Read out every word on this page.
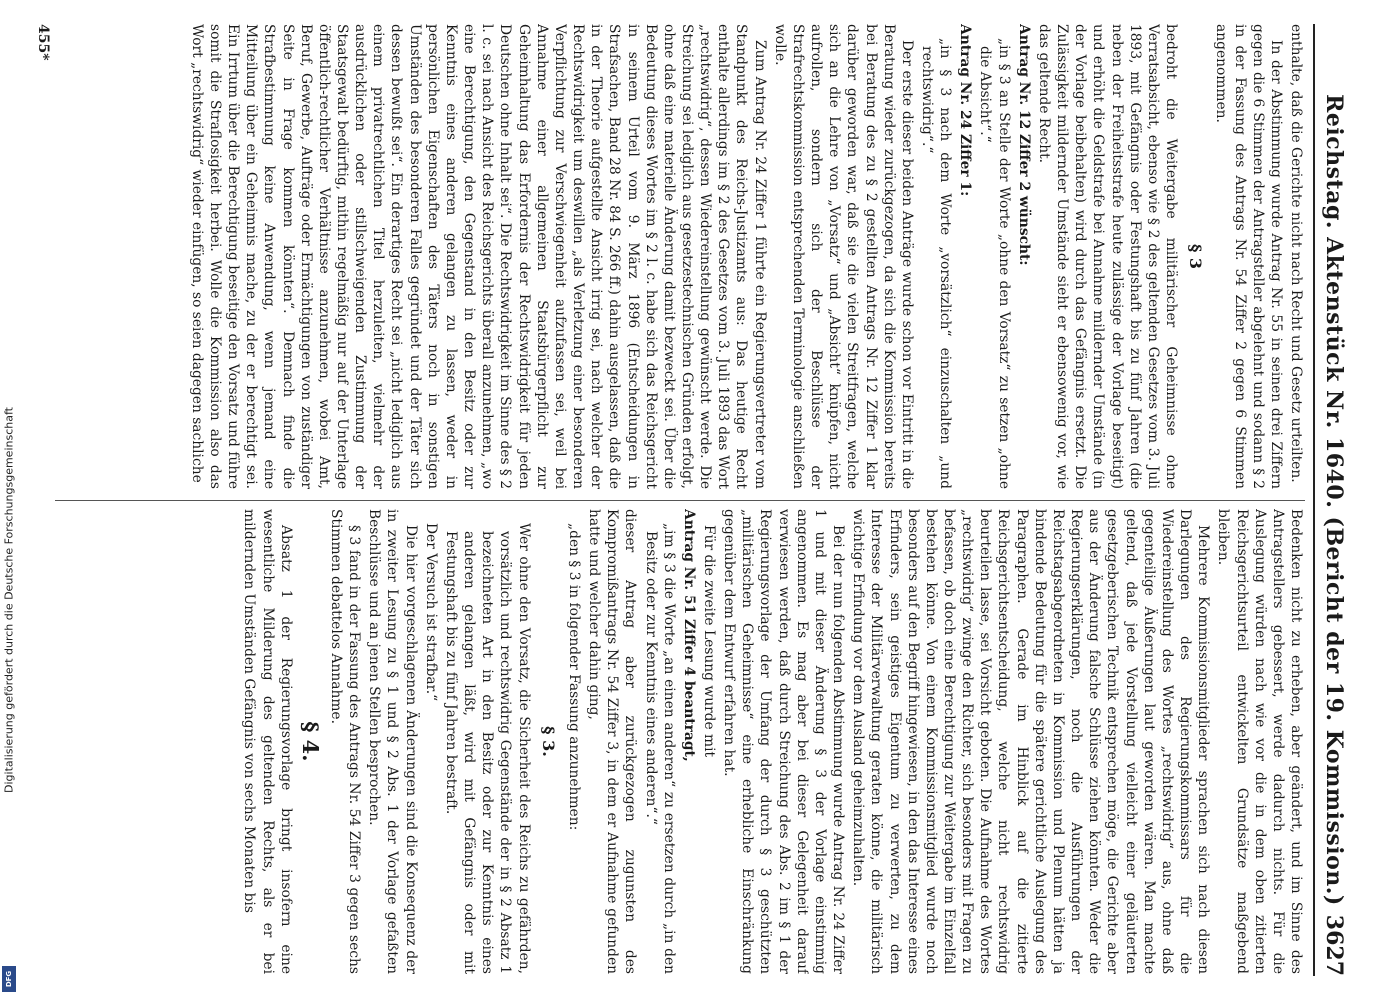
Digitalisierung gefördert durch die Deutsche Forschungsgemeinschaft
DFG
Reichstag. Aktenstück Nr. 1640. (Bericht der 19. Kommission.)
3627

enthalte, daß die Gerichte nicht nach Recht und Gesetz urteilten.

In der Abstimmung wurde Antrag Nr. 55 in seinen drei Ziffern gegen die 6 Stimmen der Antragsteller abgelehnt und sodann § 2 in der Fassung des Antrags Nr. 54 Ziffer 2 gegen 6 Stimmen angenommen.

§ 3

bedroht die Weitergabe militärischer Geheimnisse ohne Verratsabsicht, ebenso wie § 2 des geltenden Gesetzes vom 3. Juli 1893, mit Gefängnis oder Festungshaft bis zu fünf Jahren (die neben der Freiheitsstrafe heute zulässige der Vorlage beseitigt) und erhöht die Geldstrafe bei Annahme mildernder Umstände (in der Vorlage beibehalten) wird durch das Gefängnis ersetzt. Die Zulässigkeit mildernder Umstände sieht er ebensowenig vor, wie das geltende Recht.

Antrag Nr. 12 Ziffer 2 wünscht:

„in § 3 an Stelle der Worte „ohne den Vorsatz“ zu setzen „ohne die Absicht“.“

Antrag Nr. 24 Ziffer 1:

„in § 3 nach dem Worte „vorsätzlich“ einzuschalten „und rechtswidrig“.“

Der erste dieser beiden Anträge wurde schon vor Eintritt in die Beratung wieder zurückgezogen, da sich die Kommission bereits bei Beratung des zu § 2 gestellten Antrags Nr. 12 Ziffer 1 klar darüber geworden war, daß sie die vielen Streitfragen, welche sich an die Lehre von „Vorsatz“ und „Absicht“ knüpfen, nicht aufrollen, sondern sich der Beschlüsse der Strafrechtskommission entsprechenden Terminologie anschließen wolle.

Zum Antrag Nr. 24 Ziffer 1 führte ein Regierungsvertreter vom Standpunkt des Reichs-Justizamts aus: Das heutige Recht enthalte allerdings im § 2 des Gesetzes vom 3. Juli 1893 das Wort „rechtswidrig“, dessen Wiedereinstellung gewünscht werde. Die Streichung sei lediglich aus gesetzestechnischen Gründen erfolgt, ohne daß eine materielle Änderung damit bezweckt sei. Über die Bedeutung dieses Wortes im § 2 l. c. habe sich das Reichsgericht in seinem Urteil vom 9. März 1896 (Entscheidungen in Strafsachen, Band 28 Nr. 84 S. 266 ff.) dahin ausgelassen, daß die in der Theorie aufgestellte Ansicht irrig sei, nach welcher der Rechtswidrigkeit um deswillen „als Verletzung einer besonderen Verpflichtung zur Verschwiegenheit aufzufassen sei, weil bei Annahme einer allgemeinen Staatsbürgerpflicht zur Geheimhaltung das Erfordernis der Rechtswidrigkeit für jeden Deutschen ohne Inhalt sei“. Die Rechtswidrigkeit im Sinne des § 2 l. c. sei nach Ansicht des Reichsgerichts überall anzunehmen, „wo eine Berechtigung, den Gegenstand in den Besitz oder zur Kenntnis eines anderen gelangen zu lassen, weder in persönlichen Eigenschaften des Täters noch in sonstigen Umständen des besonderen Falles gegründet und der Täter sich dessen bewußt sei“. Ein derartiges Recht sei „nicht lediglich aus einem privatrechtlichen Titel herzuleiten, vielmehr der ausdrücklichen oder stillschweigenden Zustimmung der Staatsgewalt bedürftig, mithin regelmäßig nur auf der Unterlage öffentlich-rechtlicher Verhältnisse anzunehmen, wobei Amt, Beruf, Gewerbe, Aufträge oder Ermächtigungen von zuständiger Seite in Frage kommen könnten“. Demnach finde die Strafbestimmung keine Anwendung, wenn jemand eine Mitteilung über ein Geheimnis mache, zu der er berechtigt sei. Ein Irrtum über die Berechtigung beseitige den Vorsatz und führe somit die Straflosigkeit herbei. Wolle die Kommission also das Wort „rechtswidrig“ wieder einfügen, so seien dagegen sachliche

Bedenken nicht zu erheben, aber geändert, und im Sinne des Antragstellers gebessert, werde dadurch nichts. Für die Auslegung würden nach wie vor die in dem oben zitierten Reichsgerichtsurteil entwickelten Grundsätze maßgebend bleiben.

Mehrere Kommissionsmitglieder sprachen sich nach diesen Darlegungen des Regierungskommissars für die Wiedereinstellung des Wortes „rechtswidrig“ aus, ohne daß gegenteilige Äußerungen laut geworden wären. Man machte geltend, daß jede Vorstellung vielleicht einer geläuterten gesetzgeberischen Technik entsprechen möge, die Gerichte aber aus der Änderung falsche Schlüsse ziehen könnten. Weder die Regierungserklärungen, noch die Ausführungen der Reichstagsabgeordneten in Kommission und Plenum hätten ja bindende Bedeutung für die spätere gerichtliche Auslegung des Paragraphen. Gerade im Hinblick auf die zitierte Reichsgerichtsentscheidung, welche nicht rechtswidrig beurteilen lasse, sei Vorsicht geboten. Die Aufnahme des Wortes „rechtswidrig“ zwinge den Richter, sich besonders mit Fragen zu befassen, ob doch eine Berechtigung zur Weitergabe im Einzelfall bestehen könne. Von einem Kommissionsmitglied wurde noch besonders auf den Begriff hingewiesen, in den das Interesse eines Erfinders, sein geistiges Eigentum zu verwerten, zu dem Interesse der Militärverwaltung geraten könne, die militärisch wichtige Erfindung vor dem Ausland geheimzuhalten.

Bei der nun folgenden Abstimmung wurde Antrag Nr. 24 Ziffer 1 und mit dieser Änderung § 3 der Vorlage einstimmig angenommen. Es mag aber bei dieser Gelegenheit darauf verwiesen werden, daß durch Streichung des Abs. 2 im § 1 der Regierungsvorlage der Umfang der durch § 3 geschützten „militärischen Geheimnisse“ eine erhebliche Einschränkung gegenüber dem Entwurf erfahren hat.

Für die zweite Lesung wurde mit

Antrag Nr. 51 Ziffer 4 beantragt,

„im § 3 die Worte „an einen anderen“ zu ersetzen durch „in den Besitz oder zur Kenntnis eines anderen“.“

dieser Antrag aber zurückgezogen zugunsten des Kompromißantrags Nr. 54 Ziffer 3, in dem er Aufnahme gefunden hatte und welcher dahin ging,

„den § 3 in folgender Fassung anzunehmen:

§ 3.

Wer ohne den Vorsatz, die Sicherheit des Reichs zu gefährden, vorsätzlich und rechtswidrig Gegenstände der in § 2 Absatz 1 bezeichneten Art in den Besitz oder zur Kenntnis eines anderen gelangen läßt, wird mit Gefängnis oder mit Festungshaft bis zu fünf Jahren bestraft.

Der Versuch ist strafbar.“

Die hier vorgeschlagenen Änderungen sind die Konsequenz der in zweiter Lesung zu § 1 und § 2 Abs. 1 der Vorlage gefaßten Beschlüsse und an jenen Stellen besprochen.

§ 3 fand in der Fassung des Antrags Nr. 54 Ziffer 3 gegen sechs Stimmen debattelos Annahme.

§ 4.

Absatz 1 der Regierungsvorlage bringt insofern eine wesentliche Milderung des geltenden Rechts, als er bei mildernden Umständen Gefängnis von sechs Monaten bis

455*
